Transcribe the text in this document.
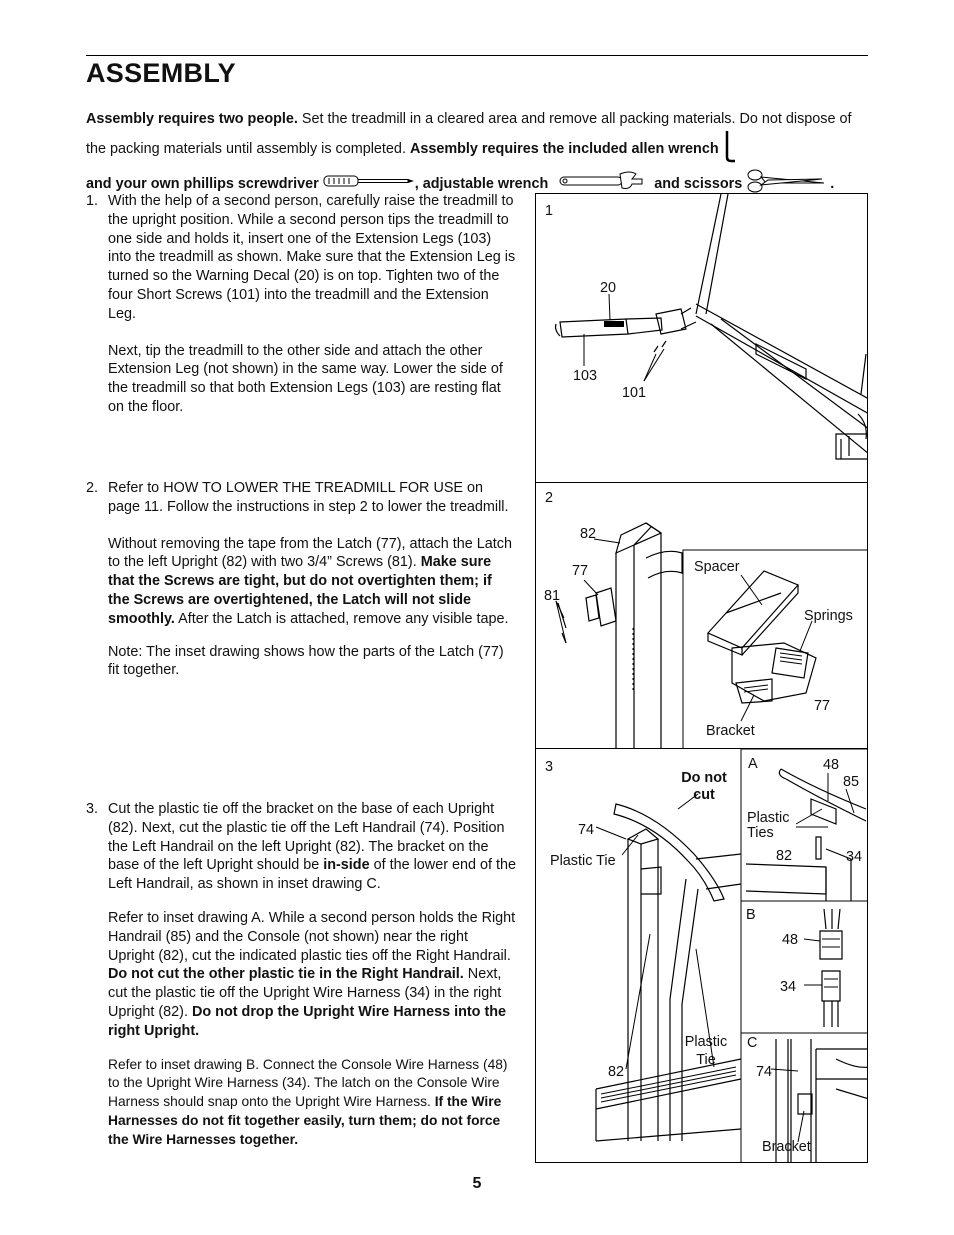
ASSEMBLY
Assembly requires two people. Set the treadmill in a cleared area and remove all packing materials. Do not dispose of the packing materials until assembly is completed. Assembly requires the included allen wrench
and your own phillips screwdriver	, adjustable wrench	and scissors	.
1. With the help of a second person, carefully raise the treadmill to the upright position. While a second person tips the treadmill to one side and holds it, insert one of the Extension Legs (103) into the treadmill as shown. Make sure that the Extension Leg is turned so the Warning Decal (20) is on top. Tighten two of the four Short Screws (101) into the treadmill and the Extension Leg.

Next, tip the treadmill to the other side and attach the other Extension Leg (not shown) in the same way. Lower the side of the treadmill so that both Extension Legs (103) are resting flat on the floor.

2. Refer to HOW TO LOWER THE TREADMILL FOR USE on page 11. Follow the instructions in step 2 to lower the treadmill.

Without removing the tape from the Latch (77), attach the Latch to the left Upright (82) with two 3/4” Screws (81). Make sure that the Screws are tight, but do not overtighten them; if the Screws are overtightened, the Latch will not slide smoothly. After the Latch is attached, remove any visible tape.

Note: The inset drawing shows how the parts of the Latch (77) fit together.

3. Cut the plastic tie off the bracket on the base of each Upright (82). Next, cut the plastic tie off the Left Handrail (74). Position the Left Handrail on the left Upright (82). The bracket on the base of the left Upright should be in-side of the lower end of the Left Handrail, as shown in inset drawing C.

Refer to inset drawing A. While a second person holds the Right Handrail (85) and the Console (not shown) near the right Upright (82), cut the indicated plastic ties off the Right Handrail. Do not cut the other plastic tie in the Right Handrail. Next, cut the plastic tie off the Upright Wire Harness (34) in the right Upright (82). Do not drop the Upright Wire Harness into the right Upright.

Refer to inset drawing B. Connect the Console Wire Harness (48) to the Upright Wire Harness (34). The latch on the Console Wire Harness should snap onto the Upright Wire Harness. If the Wire Harnesses do not fit together easily, turn them; do not force the Wire Harnesses together.

1
20
103
101
2
82
77
81
Spacer
Springs
77
Bracket
3
Do not cut
74
Plastic Tie
82
Plastic Tie
A	48
85
Plastic Ties
82	34
B
48
34
C
74
Bracket
5
